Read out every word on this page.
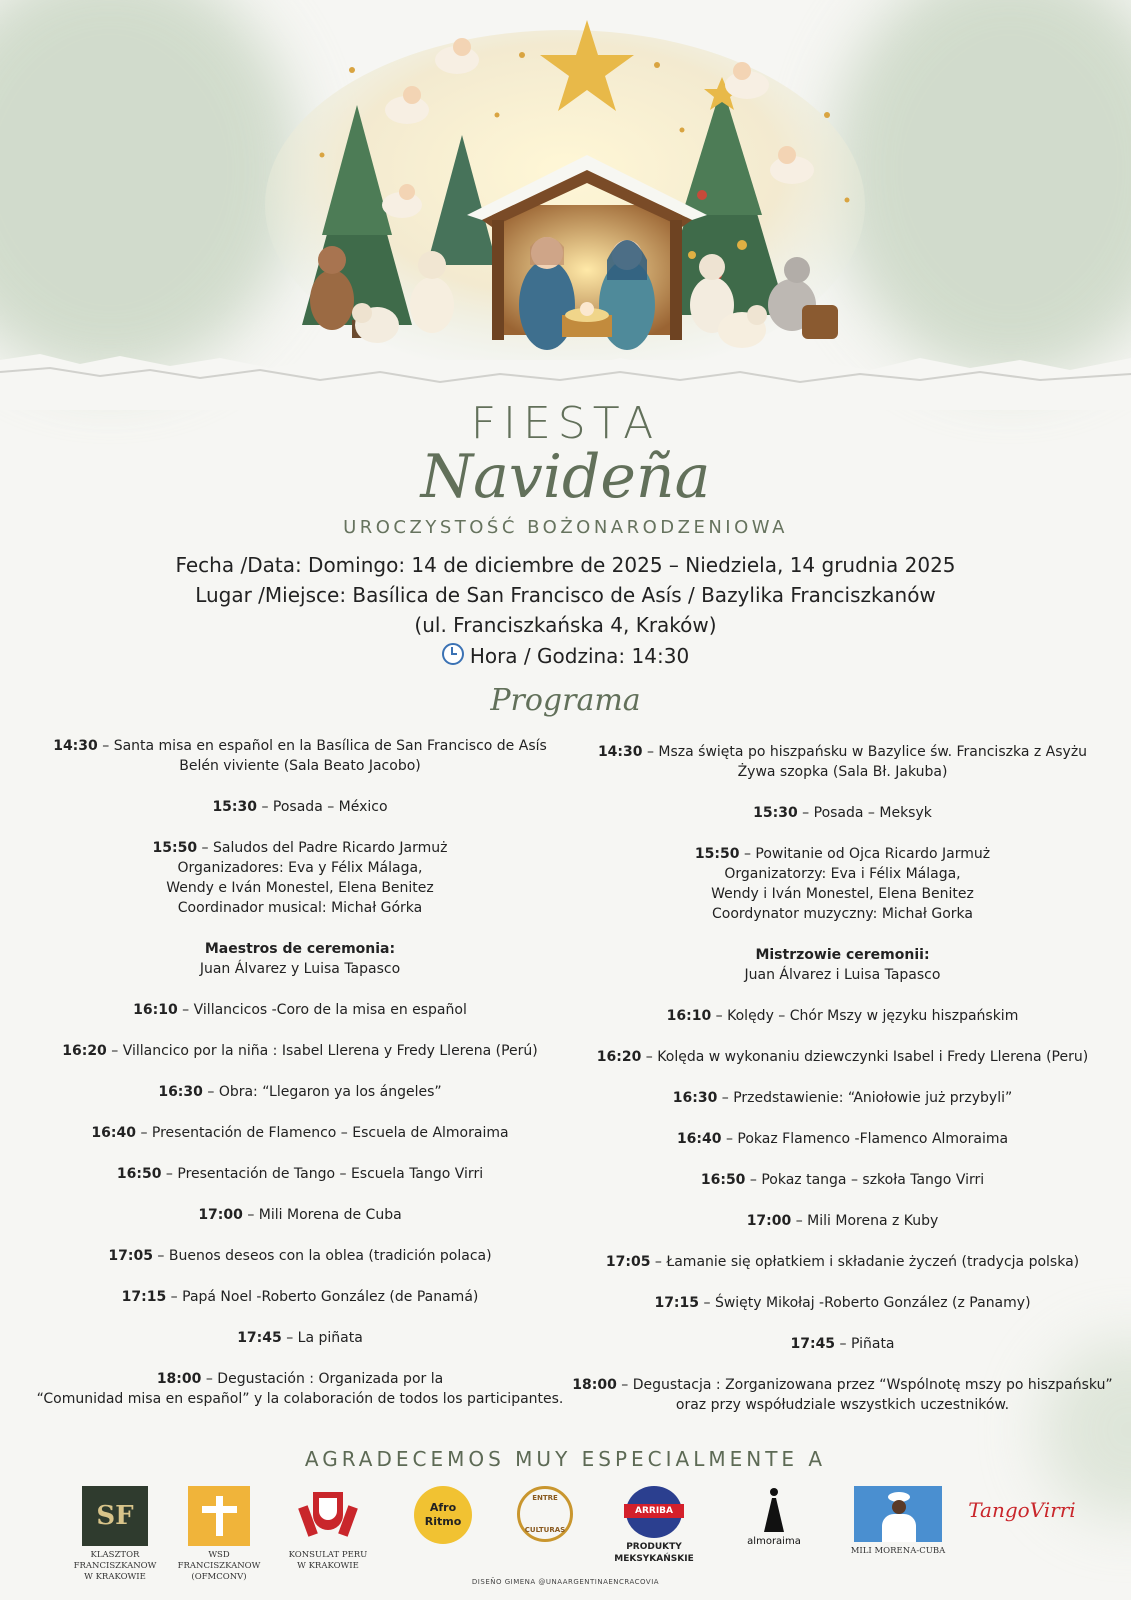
FIESTA
Navideña
UROCZYSTOŚĆ BOŻONARODZENIOWA
Fecha /Data: Domingo: 14 de diciembre de 2025 – Niedziela, 14 grudnia 2025
Lugar /Miejsce: Basílica de San Francisco de Asís / Bazylika Franciszkanów
(ul. Franciszkańska 4, Kraków)
Hora / Godzina: 14:30
Programa
14:30 – Santa misa en español en la Basílica de San Francisco de Asís
Belén viviente (Sala Beato Jacobo)
15:30 – Posada – México
15:50 – Saludos del Padre Ricardo Jarmuż
Organizadores: Eva y Félix Málaga,
Wendy e Iván Monestel, Elena Benitez
Coordinador musical: Michał Górka
Maestros de ceremonia:
Juan Álvarez y Luisa Tapasco
16:10 – Villancicos -Coro de la misa en español
16:20 – Villancico por la niña : Isabel Llerena y Fredy Llerena (Perú)
16:30 – Obra: “Llegaron ya los ángeles”
16:40 – Presentación de Flamenco – Escuela de Almoraima
16:50 – Presentación de Tango – Escuela Tango Virri
17:00 – Mili Morena de Cuba
17:05 – Buenos deseos con la oblea (tradición polaca)
17:15 – Papá Noel -Roberto González (de Panamá)
17:45 – La piñata
18:00 – Degustación : Organizada por la
“Comunidad misa en español” y la colaboración de todos los participantes.
14:30 – Msza święta po hiszpańsku w Bazylice św. Franciszka z Asyżu
Żywa szopka (Sala Bł. Jakuba)
15:30 – Posada – Meksyk
15:50 – Powitanie od Ojca Ricardo Jarmuż
Organizatorzy: Eva i Félix Málaga,
Wendy i Iván Monestel, Elena Benitez
Coordynator muzyczny: Michał Gorka
Mistrzowie ceremonii:
Juan Álvarez i Luisa Tapasco
16:10 – Kolędy – Chór Mszy w języku hiszpańskim
16:20 – Kolęda w wykonaniu dziewczynki Isabel i Fredy Llerena (Peru)
16:30 – Przedstawienie: “Aniołowie już przybyli”
16:40 – Pokaz Flamenco -Flamenco Almoraima
16:50 – Pokaz tanga – szkoła Tango Virri
17:00 – Mili Morena z Kuby
17:05 – Łamanie się opłatkiem i składanie życzeń (tradycja polska)
17:15 – Święty Mikołaj -Roberto González (z Panamy)
17:45 – Piñata
18:00 – Degustacja : Zorganizowana przez “Wspólnotę mszy po hiszpańsku”
oraz przy współudziale wszystkich uczestników.
AGRADECEMOS MUY ESPECIALMENTE A
SF
KLASZTOR FRANCISZKANOW W KRAKOWIE
WSD FRANCISZKANOW (OFMCONV)
KONSULAT PERU W KRAKOWIE
Afro Ritmo
ENTRE
CULTURAS
ARRIBA
PRODUKTY MEKSYKAŃSKIE
almoraima
MILI MORENA-CUBA
TangoVirri
DISEÑO GIMENA @UNAARGENTINAENCRACOVIA
